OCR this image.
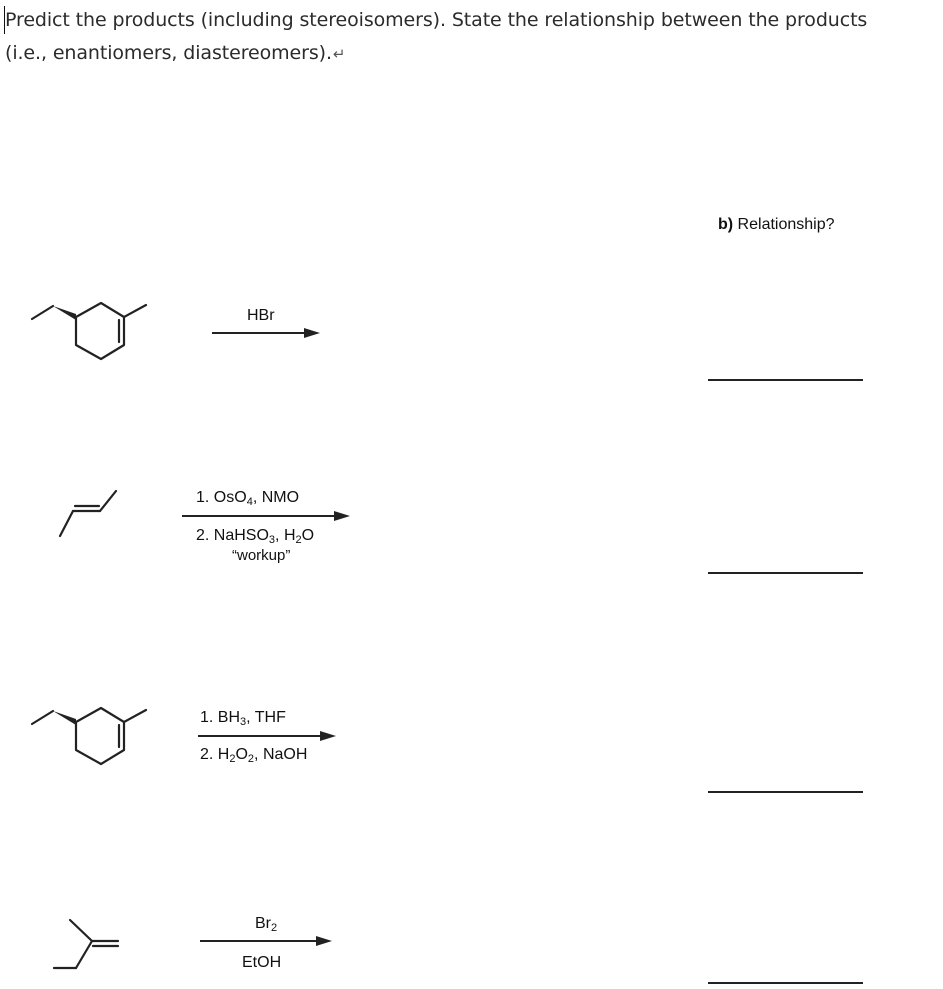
Predict the products (including stereoisomers). State the relationship between the products
(i.e., enantiomers, diastereomers).↵
b) Relationship?
HBr
1. OsO$_4$, NMO
2. NaHSO$_3$, $H_2O$
“workup”
1. $BH_3$, THF
2. $H_2O_2$, NaOH
$Br_2$
EtOH
